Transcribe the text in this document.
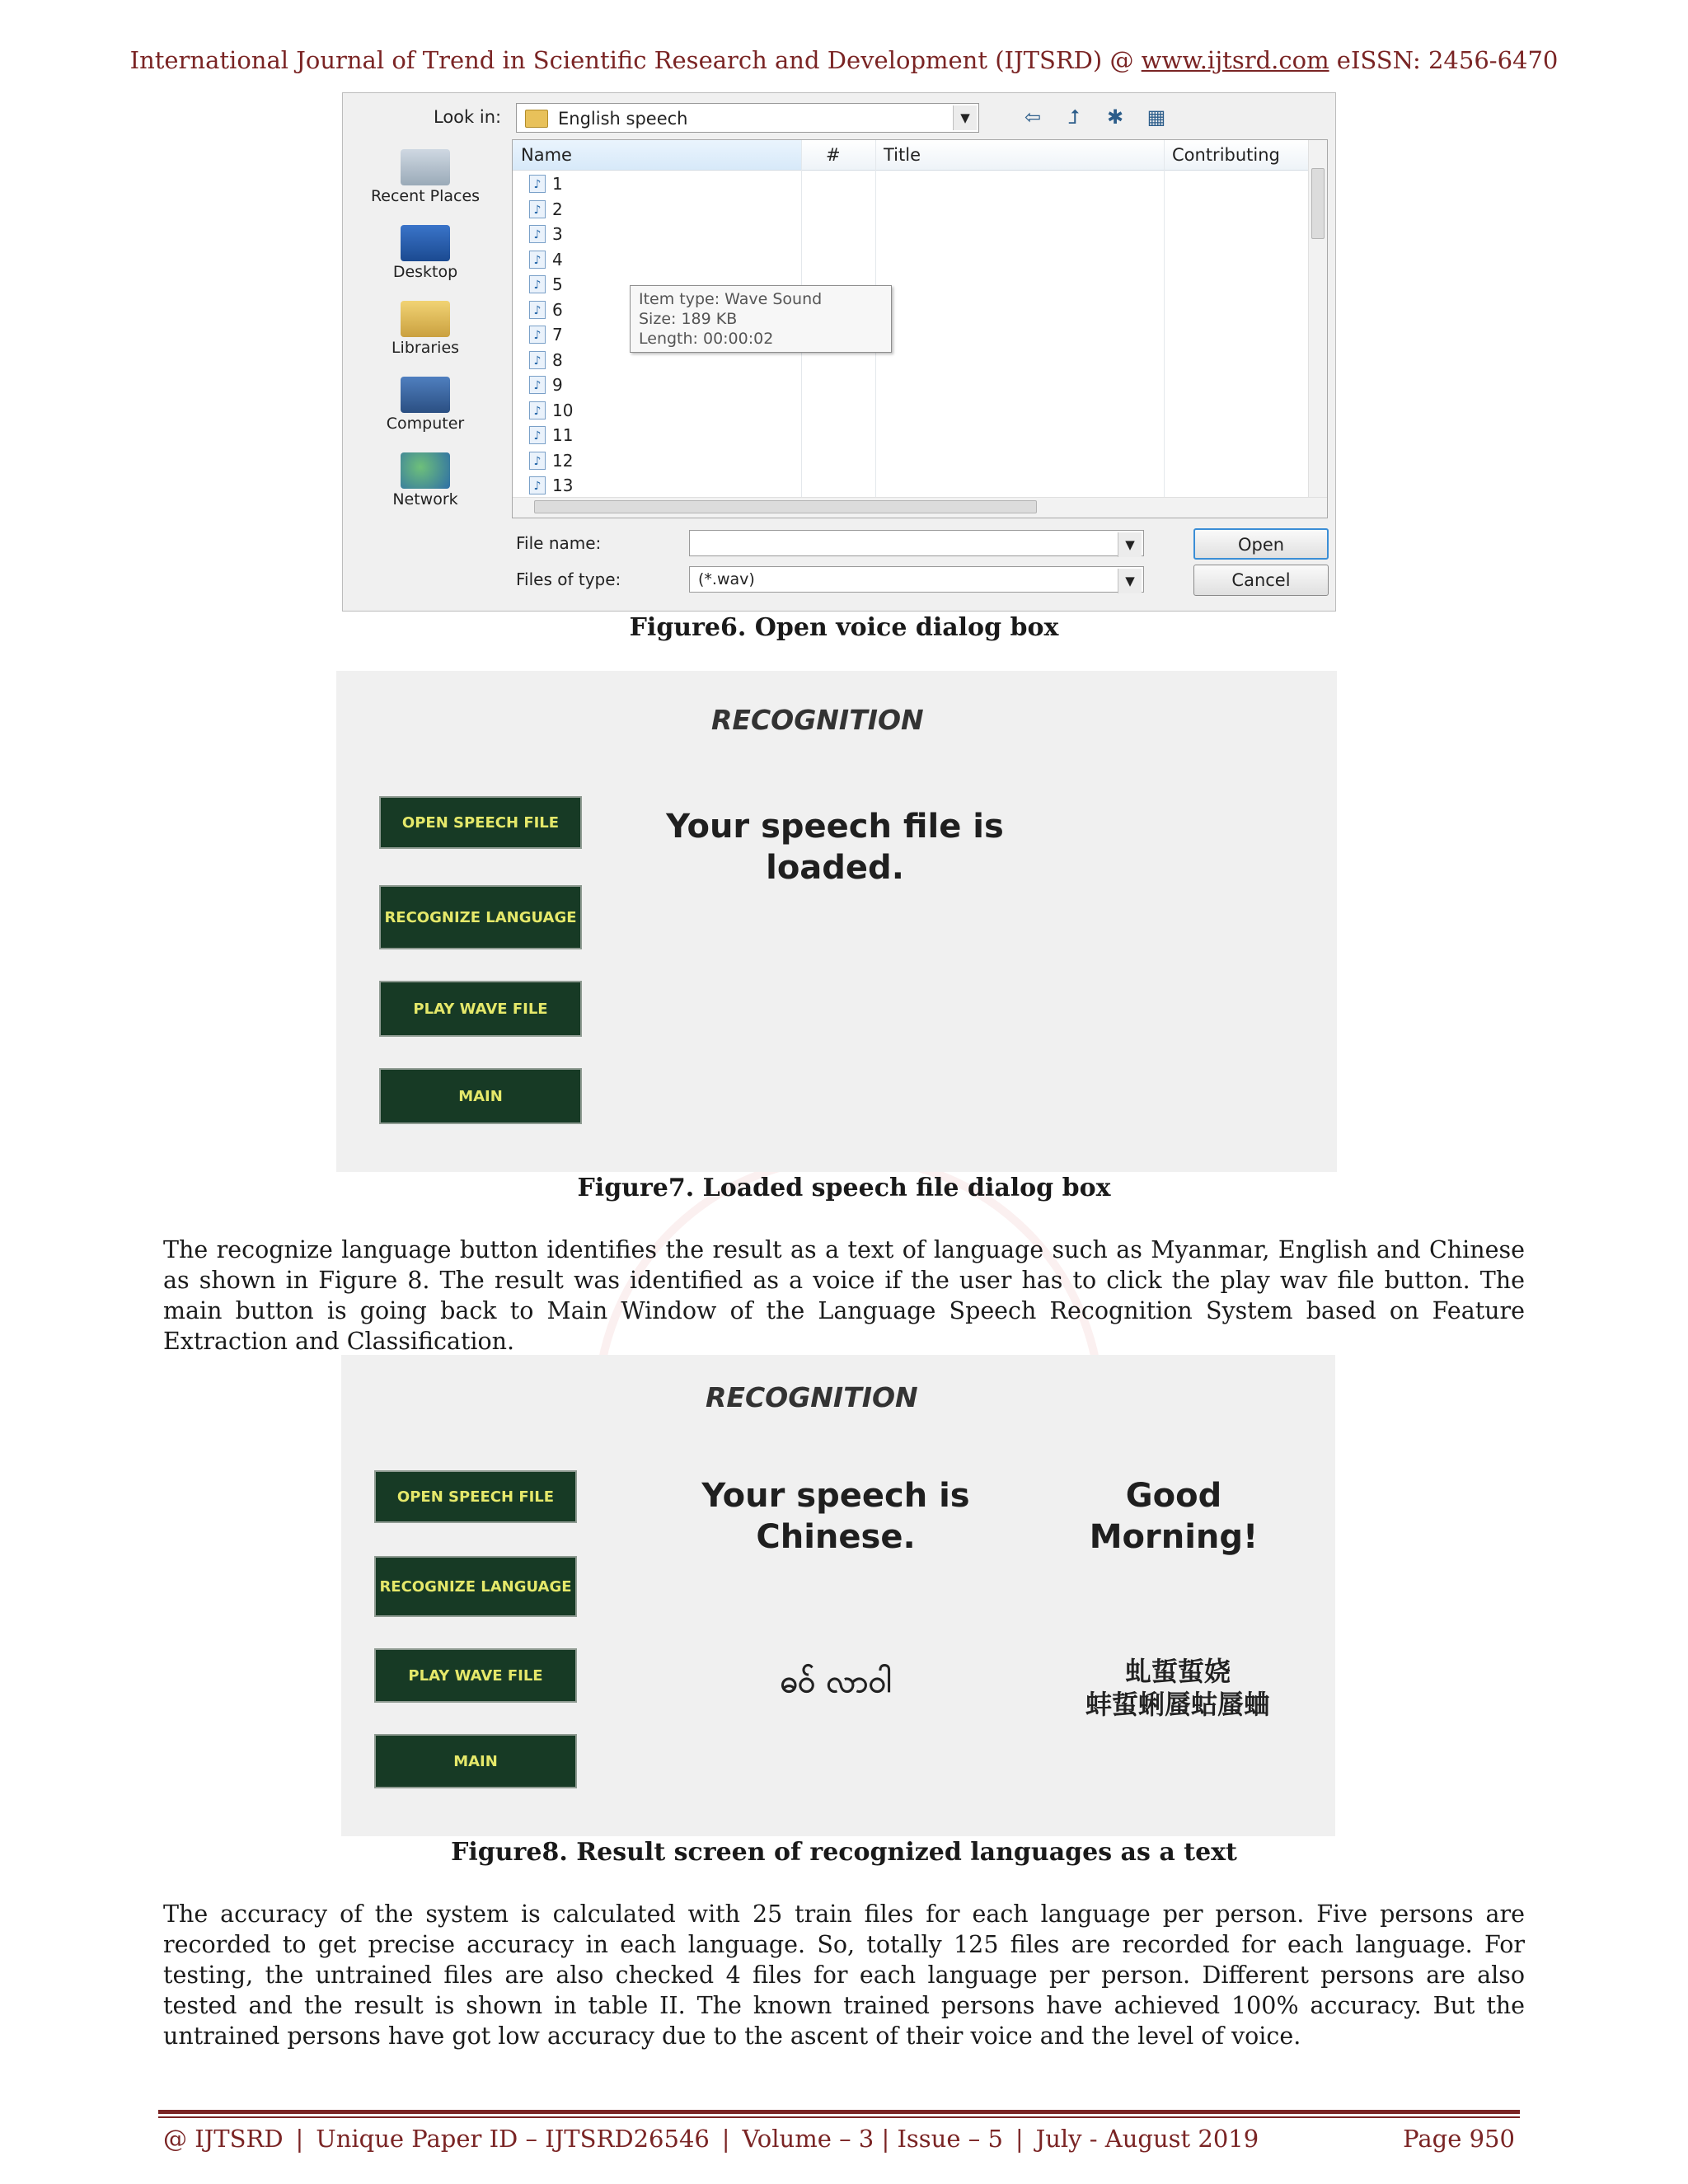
International Journal of Trend in Scientific Research and Development (IJTSRD) @ www.ijtsrd.com eISSN: 2456-6470
Look in:	English speech	▼	⇦	⮥	✱ ▦
Recent Places
Desktop
Libraries
Computer
Network
Name	# Title	Contributing
♪ 1
♪ 2
♪ 3
♪ 4
♪ 5
♪ 6
♪ 7
♪ 8
♪ 9
♪ 10
♪ 11
♪ 12
♪ 13
Item type: Wave Sound
Size: 189 KB
Length: 00:00:02
File name:	▼
Files of type:	(*.wav)	▼
Open
Cancel
Figure6. Open voice dialog box
RECOGNITION
OPEN SPEECH FILE
RECOGNIZE LANGUAGE
PLAY WAVE FILE
MAIN
Your speech file is
loaded.
Figure7. Loaded speech file dialog box
The recognize language button identifies the result as a text of language such as Myanmar, English and Chinese as shown in Figure 8. The result was identified as a voice if the user has to click the play wav file button. The main button is going back to Main Window of the Language Speech Recognition System based on Feature Extraction and Classification.
RECOGNITION
OPEN SPEECH FILE
RECOGNIZE LANGUAGE
PLAY WAVE FILE
MAIN
Your speech is
Chinese.
Good Morning!
ဓဝ် လာဝါ	虬蜇蜇娆
蚌蜇蜊蜃蛄蜃蛐
Figure8. Result screen of recognized languages as a text
The accuracy of the system is calculated with 25 train files for each language per person. Five persons are recorded to get precise accuracy in each language. So, totally 125 files are recorded for each language. For testing, the untrained files are also checked 4 files for each language per person. Different persons are also tested and the result is shown in table II. The known trained persons have achieved 100% accuracy. But the untrained persons have got low accuracy due to the ascent of their voice and the level of voice.
@ IJTSRD | Unique Paper ID – IJTSRD26546 | Volume – 3 | Issue – 5 | July - August 2019	Page 950
